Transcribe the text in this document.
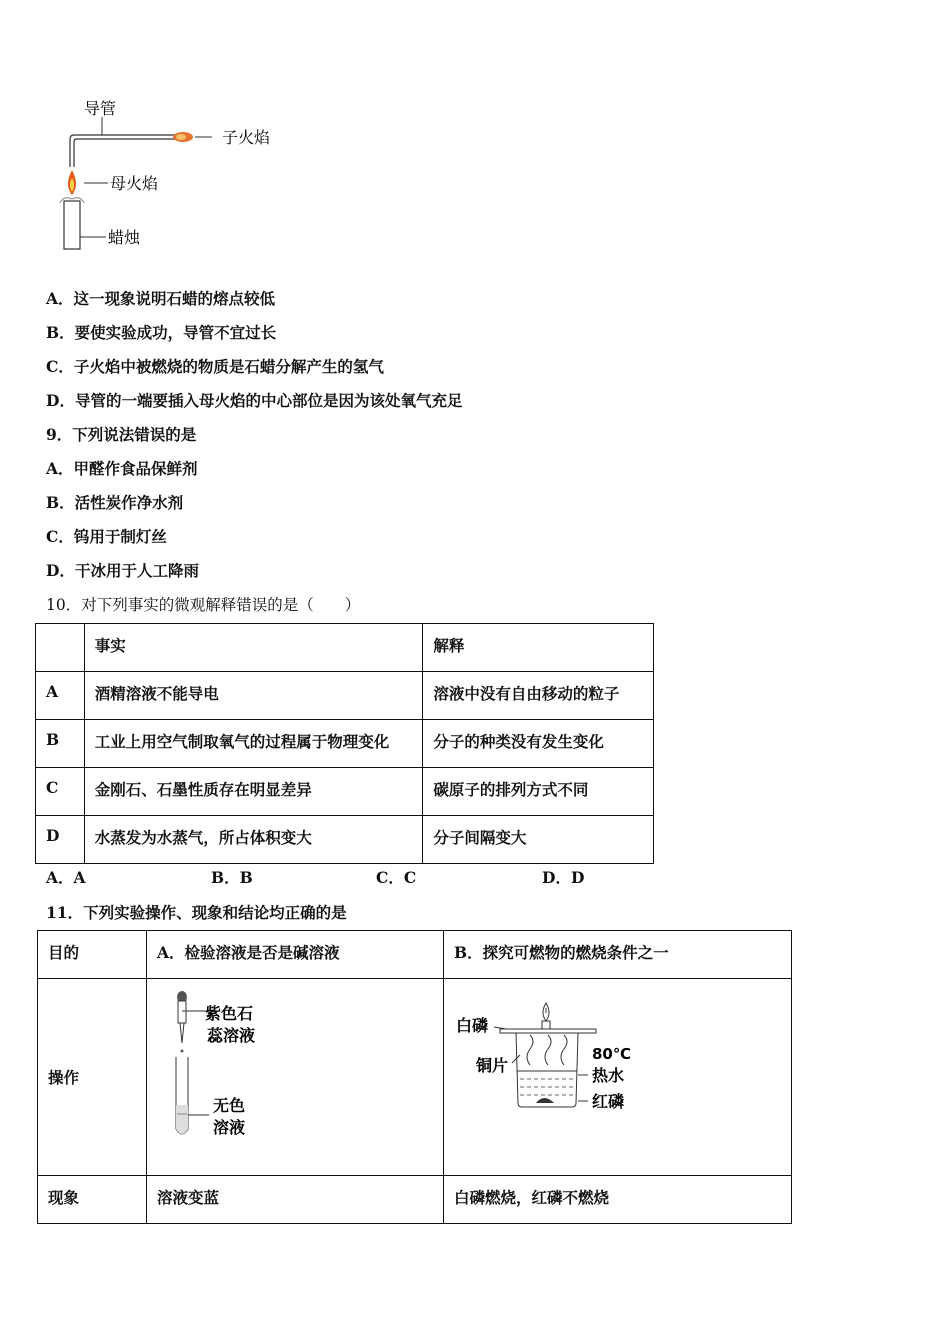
导管
子火焰
母火焰
蜡烛
A．这一现象说明石蜡的熔点较低
B．要使实验成功，导管不宜过长
C．子火焰中被燃烧的物质是石蜡分解产生的氢气
D．导管的一端要插入母火焰的中心部位是因为该处氧气充足
9．下列说法错误的是
A．甲醛作食品保鲜剂
B．活性炭作净水剂
C．钨用于制灯丝
D．干冰用于人工降雨
10．对下列事实的微观解释错误的是（　　）

	事实	解释

A	酒精溶液不能导电	溶液中没有自由移动的粒子

B	工业上用空气制取氧气的过程属于物理变化	分子的种类没有发生变化

C	金刚石、石墨性质存在明显差异	碳原子的排列方式不同

D	水蒸发为水蒸气，所占体积变大	分子间隔变大
A．A	B．B	C．C	D．D
11．下列实验操作、现象和结论均正确的是
目的	A．检验溶液是否是碱溶液	B．探究可燃物的燃烧条件之一

操作	紫色石
蕊溶液
无色
溶液	白磷
铜片
80℃
热水
红磷

现象	溶液变蓝	白磷燃烧，红磷不燃烧
